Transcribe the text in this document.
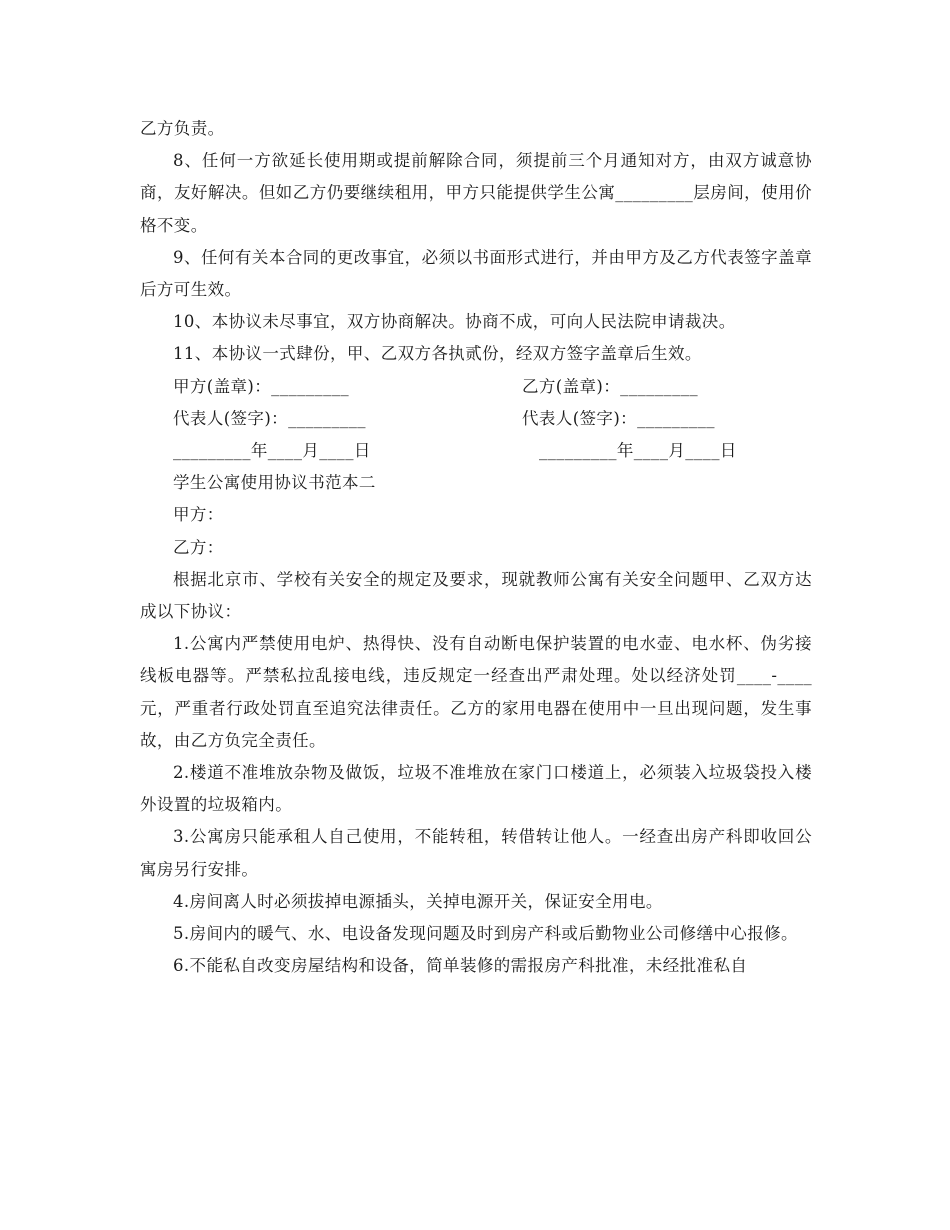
乙方负责。

8、任何一方欲延长使用期或提前解除合同，须提前三个月通知对方，由双方诚意协商，友好解决。但如乙方仍要继续租用，甲方只能提供学生公寓_________层房间，使用价格不变。

9、任何有关本合同的更改事宜，必须以书面形式进行，并由甲方及乙方代表签字盖章后方可生效。

10、本协议未尽事宜，双方协商解决。协商不成，可向人民法院申请裁决。

11、本协议一式肆份，甲、乙双方各执贰份，经双方签字盖章后生效。

甲方(盖章)：_________	乙方(盖章)：_________
代表人(签字)：_________	代表人(签字)：_________
_________年____月____日	_________年____月____日

学生公寓使用协议书范本二

甲方：

乙方：

根据北京市、学校有关安全的规定及要求，现就教师公寓有关安全问题甲、乙双方达成以下协议：

1.公寓内严禁使用电炉、热得快、没有自动断电保护装置的电水壶、电水杯、伪劣接线板电器等。严禁私拉乱接电线，违反规定一经查出严肃处理。处以经济处罚____-____元，严重者行政处罚直至追究法律责任。乙方的家用电器在使用中一旦出现问题，发生事故，由乙方负完全责任。

2.楼道不准堆放杂物及做饭，垃圾不准堆放在家门口楼道上，必须装入垃圾袋投入楼外设置的垃圾箱内。

3.公寓房只能承租人自己使用，不能转租，转借转让他人。一经查出房产科即收回公寓房另行安排。

4.房间离人时必须拔掉电源插头，关掉电源开关，保证安全用电。

5.房间内的暖气、水、电设备发现问题及时到房产科或后勤物业公司修缮中心报修。

6.不能私自改变房屋结构和设备，简单装修的需报房产科批准，未经批准私自
